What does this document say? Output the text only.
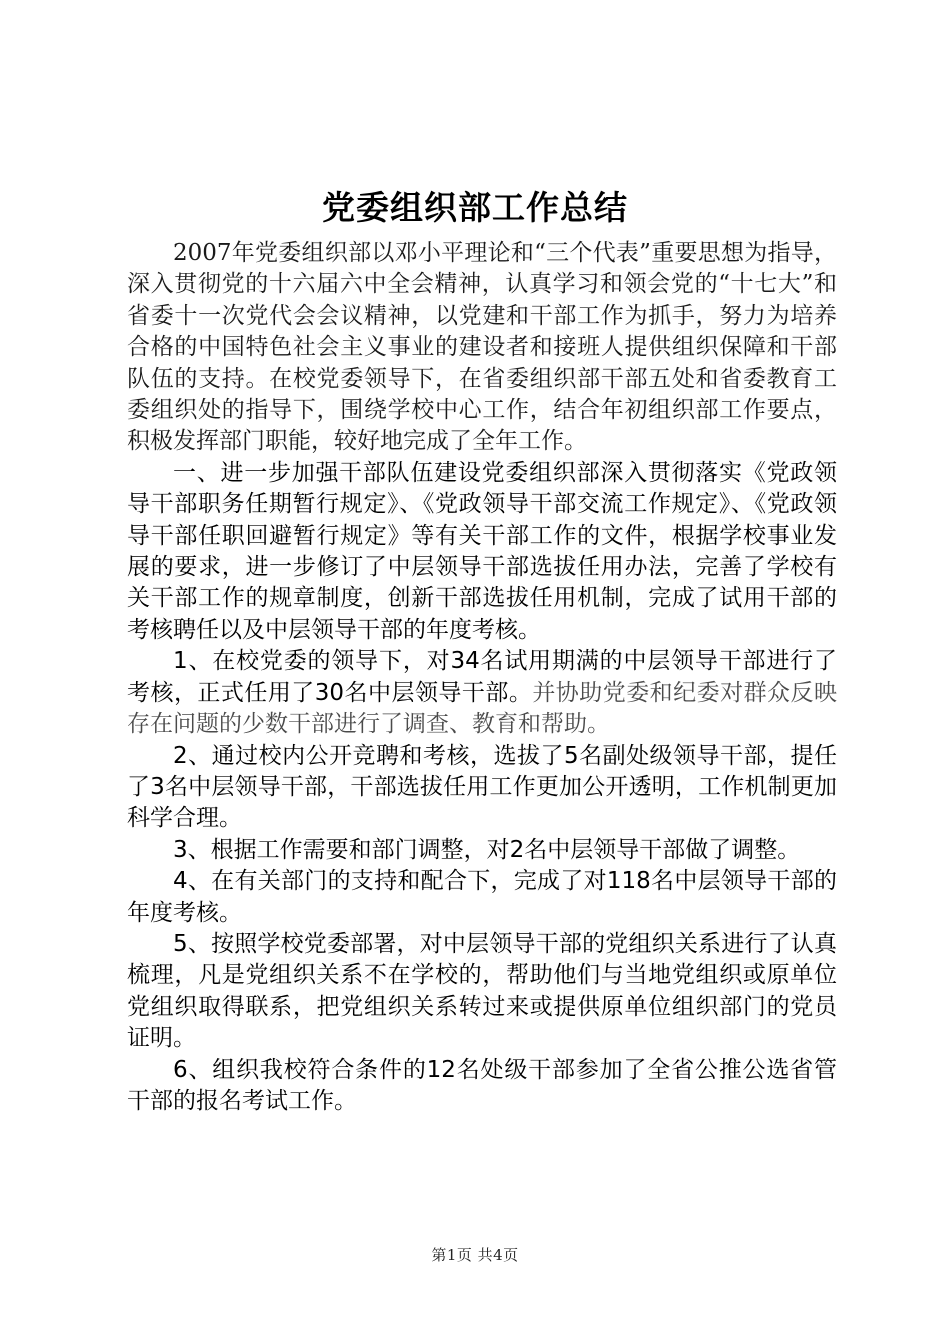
党委组织部工作总结

2007年党委组织部以邓小平理论和“三个代表”重要思想为指导，深入贯彻党的十六届六中全会精神，认真学习和领会党的“十七大”和省委十一次党代会会议精神，以党建和干部工作为抓手，努力为培养合格的中国特色社会主义事业的建设者和接班人提供组织保障和干部队伍的支持。在校党委领导下，在省委组织部干部五处和省委教育工委组织处的指导下，围绕学校中心工作，结合年初组织部工作要点，积极发挥部门职能，较好地完成了全年工作。

一、进一步加强干部队伍建设党委组织部深入贯彻落实《党政领导干部职务任期暂行规定》、《党政领导干部交流工作规定》、《党政领导干部任职回避暂行规定》等有关干部工作的文件，根据学校事业发展的要求，进一步修订了中层领导干部选拔任用办法，完善了学校有关干部工作的规章制度，创新干部选拔任用机制，完成了试用干部的考核聘任以及中层领导干部的年度考核。

1、在校党委的领导下，对34名试用期满的中层领导干部进行了考核，正式任用了30名中层领导干部。并协助党委和纪委对群众反映存在问题的少数干部进行了调查、教育和帮助。

2、通过校内公开竞聘和考核，选拔了5名副处级领导干部，提任了3名中层领导干部，干部选拔任用工作更加公开透明，工作机制更加科学合理。

3、根据工作需要和部门调整，对2名中层领导干部做了调整。

4、在有关部门的支持和配合下，完成了对118名中层领导干部的年度考核。

5、按照学校党委部署，对中层领导干部的党组织关系进行了认真梳理，凡是党组织关系不在学校的，帮助他们与当地党组织或原单位党组织取得联系，把党组织关系转过来或提供原单位组织部门的党员证明。

6、组织我校符合条件的12名处级干部参加了全省公推公选省管干部的报名考试工作。

第1页 共4页
